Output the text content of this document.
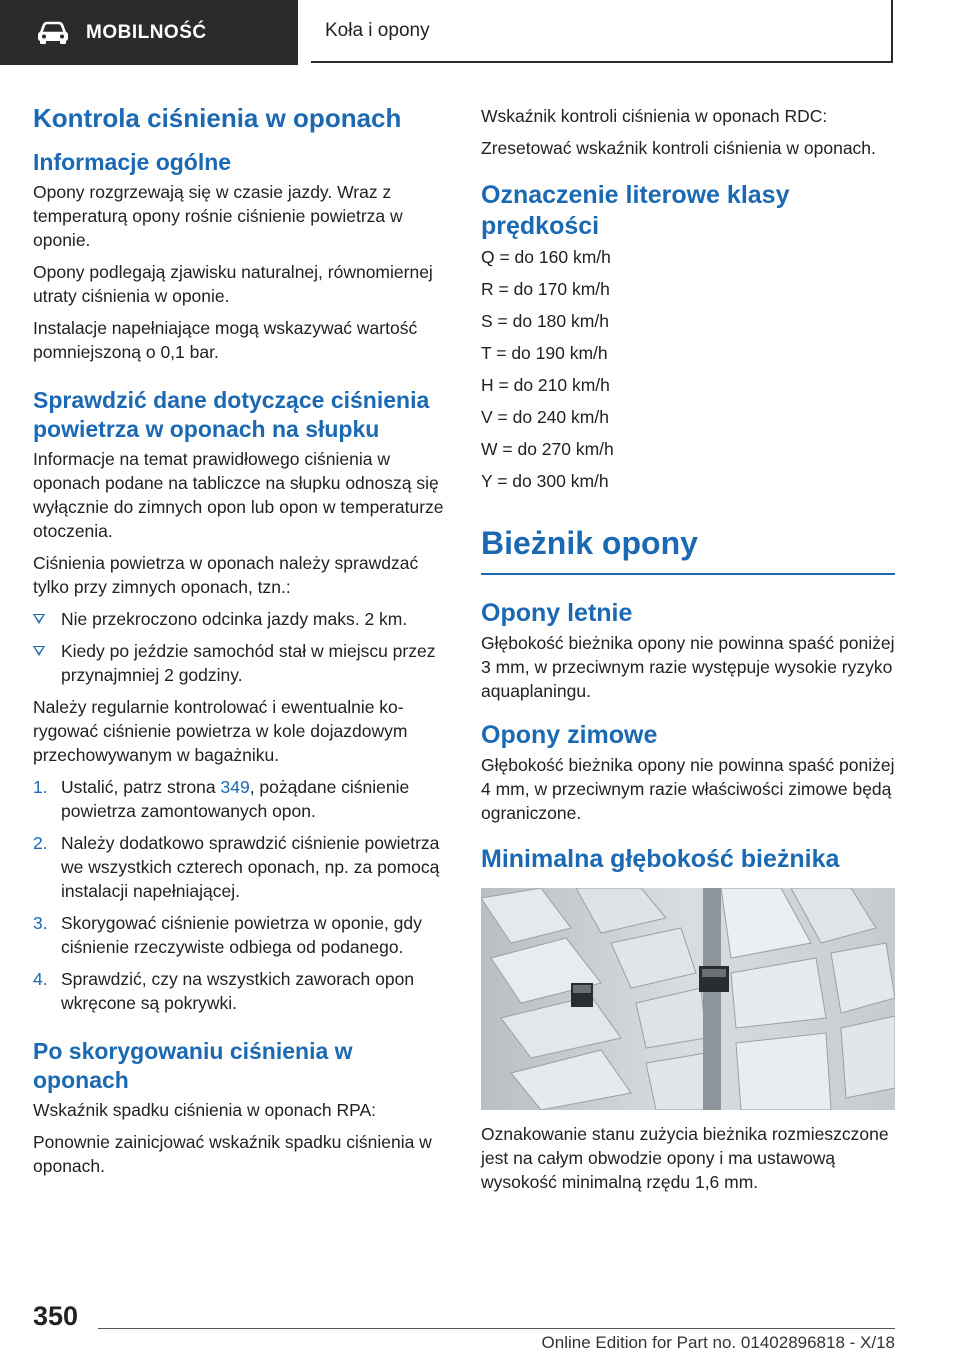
MOBILNOŚĆ	Koła i opony
Kontrola ciśnienia w oponach
Informacje ogólne

Opony rozgrzewają się w czasie jazdy. Wraz z temperaturą opony rośnie ciśnienie powietrza w oponie.

Opony podlegają zjawisku naturalnej, równomiernej utraty ciśnienia w oponie.

Instalacje napełniające mogą wskazywać wartość pomniejszoną o 0,1 bar.

Sprawdzić dane dotyczące ciśnienia powietrza w oponach na słupku

Informacje na temat prawidłowego ciśnienia w oponach podane na tabliczce na słupku odnoszą się wyłącznie do zimnych opon lub opon w temperaturze otoczenia.

Ciśnienia powietrza w oponach należy sprawdzać tylko przy zimnych oponach, tzn.:

Nie przekroczono odcinka jazdy maks. 2 km.
Kiedy po jeździe samochód stał w miejscu przez przynajmniej 2 godziny.

Należy regularnie kontrolować i ewentualnie korygować ciśnienie powietrza w kole dojazdowym przechowywanym w bagażniku.

1. Ustalić, patrz strona 349, pożądane ciśnienie powietrza zamontowanych opon.
2. Należy dodatkowo sprawdzić ciśnienie powietrza we wszystkich czterech oponach, np. za pomocą instalacji napełniającej.
3. Skorygować ciśnienie powietrza w oponie, gdy ciśnienie rzeczywiste odbiega od podanego.
4. Sprawdzić, czy na wszystkich zaworach opon wkręcone są pokrywki.
Po skorygowaniu ciśnienia w oponach

Wskaźnik spadku ciśnienia w oponach RPA:

Ponownie zainicjować wskaźnik spadku ciśnienia w oponach.

Wskaźnik kontroli ciśnienia w oponach RDC:

Zresetować wskaźnik kontroli ciśnienia w oponach.

Oznaczenie literowe klasy prędkości

Q = do 160 km/h

R = do 170 km/h

S = do 180 km/h

T = do 190 km/h

H = do 210 km/h

V = do 240 km/h

W = do 270 km/h

Y = do 300 km/h

Bieżnik opony
Opony letnie

Głębokość bieżnika opony nie powinna spaść poniżej 3 mm, w przeciwnym razie występuje wysokie ryzyko aquaplaningu.

Opony zimowe

Głębokość bieżnika opony nie powinna spaść poniżej 4 mm, w przeciwnym razie właściwości zimowe będą ograniczone.

Minimalna głębokość bieżnika

Oznakowanie stanu zużycia bieżnika rozmieszczone jest na całym obwodzie opony i ma ustawową wysokość minimalną rzędu 1,6 mm.

350
Online Edition for Part no. 01402896818 - X/18
